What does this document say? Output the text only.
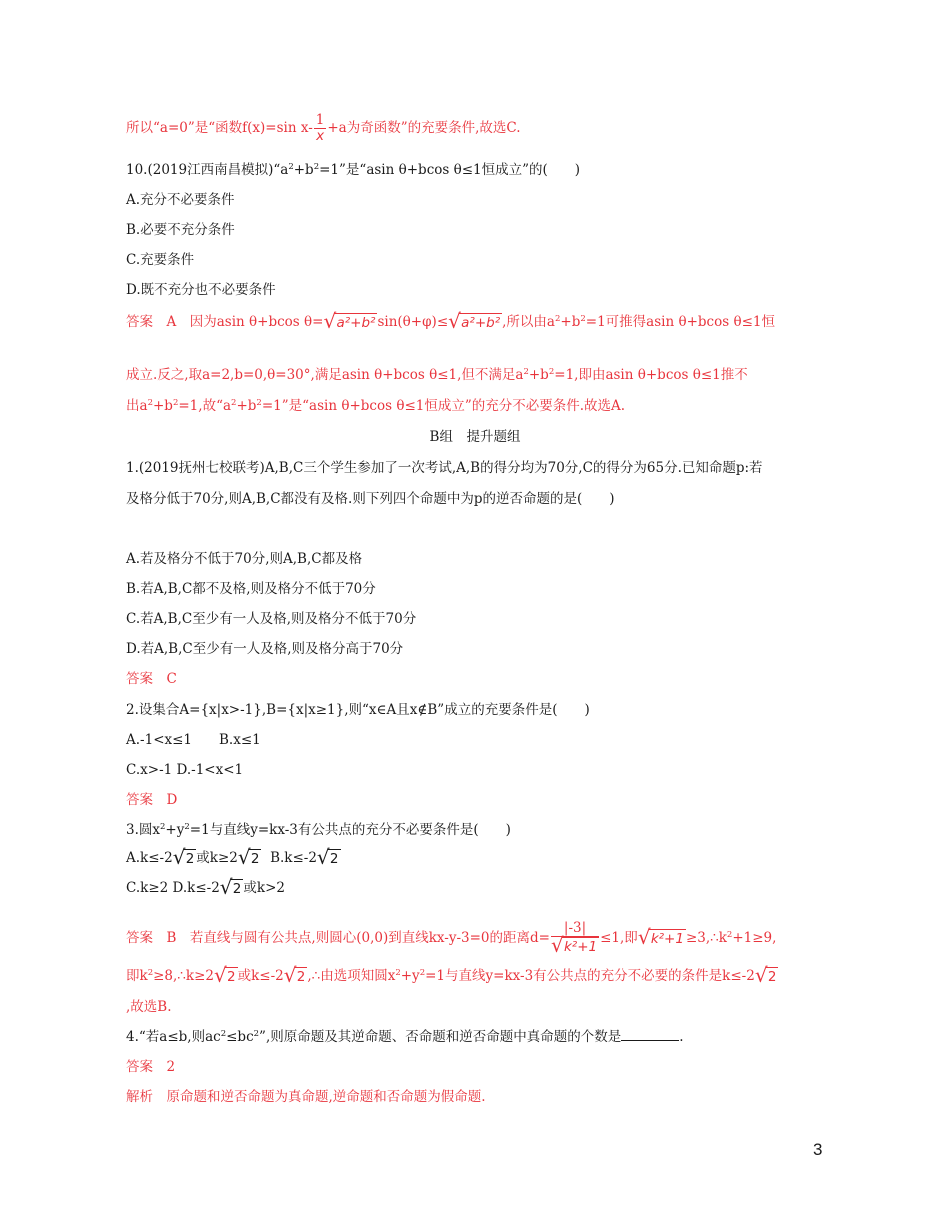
所以“a=0”是“函数f(x)=sin $x- \frac{1}{x} +a$为奇函数”的充要条件,故选C.
10.(2019江西南昌模拟)“$a^2+b^2=1$”是“asin θ+bcos θ≤1恒成立”的(　　)
A.充分不必要条件
B.必要不充分条件
C.充要条件
D.既不充分也不必要条件
答案　A　因为asin θ+bcos θ= √ a²+b² sin(θ+φ)≤ √ a²+b² ,所以由$a^2+b^2=1$可推得asin θ+bcos θ≤1恒
成立.反之,取a=2,b=0,θ=30°,满足asin θ+bcos θ≤1,但不满足$a^2+b^2=1$,即由asin θ+bcos θ≤1推不
出$a^2+b^2=1$,故“$a^2+b^2=1$”是“asin θ+bcos θ≤1恒成立”的充分不必要条件.故选A.
B组　提升题组
1.(2019抚州七校联考)A,B,C三个学生参加了一次考试,A,B的得分均为70分,C的得分为65分.已知命题p:若
及格分低于70分,则A,B,C都没有及格.则下列四个命题中为p的逆否命题的是(　　)
A.若及格分不低于70分,则A,B,C都及格
B.若A,B,C都不及格,则及格分不低于70分
C.若A,B,C至少有一人及格,则及格分不低于70分
D.若A,B,C至少有一人及格,则及格分高于70分
答案　C
2.设集合A={x|x>-1},B={x|x≥1},则“x∈A且x∉B”成立的充要条件是(　　)
A.-1<x≤1　　B.x≤1
C.x>-1 D.-1<x<1
答案　D
3.圆$x^2+y^2=1$与直线y=kx-3有公共点的充分不必要条件是(　　)
A.k≤-2 √ 2 或k≥2 √ 2 B.k≤-2 √ 2
C.k≥2 D.k≤-2 √ 2 或k>2
答案　B　若直线与圆有公共点,则圆心(0,0)到直线kx-y-3=0的距离$d= \frac{|-3|}{\text{√ k²+1}} \le 1$,即 √ $k^2+1 \ge 3,\therefore k^2+1\ge 9$,
即$k^2\ge 8,\therefore k\ge 2$ √ 2 或k≤-2 √ 2 ,∴由选项知圆$x^2+y^2=1$与直线y=kx-3有公共点的充分不必要的条件是k≤-2 √ 2
,故选B.
4.“若a≤b,则$ac^2\le bc^2$”,则原命题及其逆命题、否命题和逆否命题中真命题的个数是	.
答案　2
解析　原命题和逆否命题为真命题,逆命题和否命题为假命题.
3
